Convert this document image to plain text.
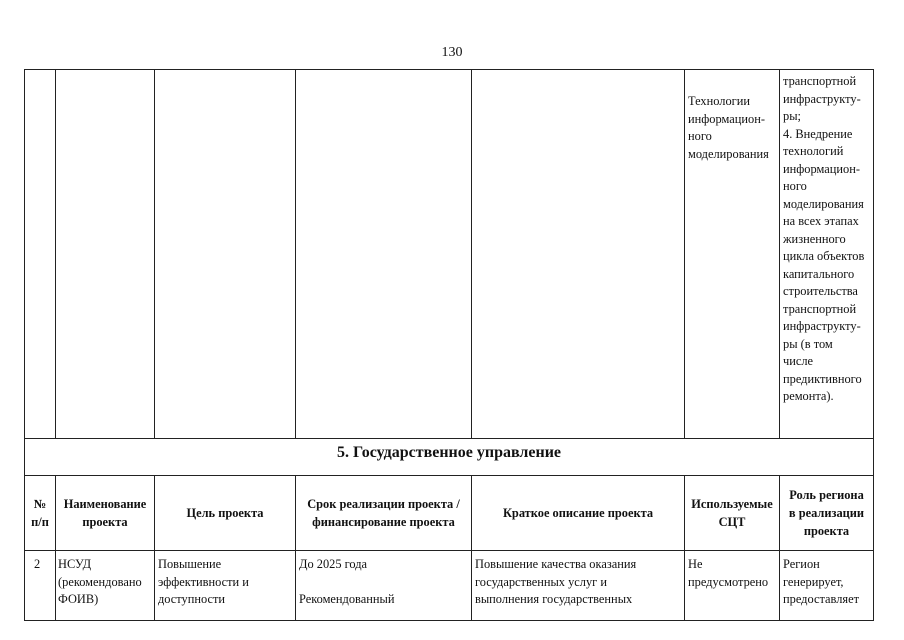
130
Технологии
информацион-
ного
моделирования
транспортной
инфраструкту-
ры;
4. Внедрение
технологий
информацион-
ного
моделирования
на всех этапах
жизненного
цикла объектов
капитального
строительства
транспортной
инфраструкту-
ры (в том
числе
предиктивного
ремонта).
5. Государственное управление
№
п/п
Наименование
проекта
Цель проекта
Срок реализации проекта /
финансирование проекта
Краткое описание проекта
Используемые
СЦТ
Роль региона
в реализации
проекта
2	НСУД
(рекомендовано
ФОИВ)
Повышение
эффективности и
доступности
До 2025 года

Рекомендованный
Повышение качества оказания
государственных услуг и
выполнения государственных
Не
предусмотрено
Регион
генерирует,
предоставляет
